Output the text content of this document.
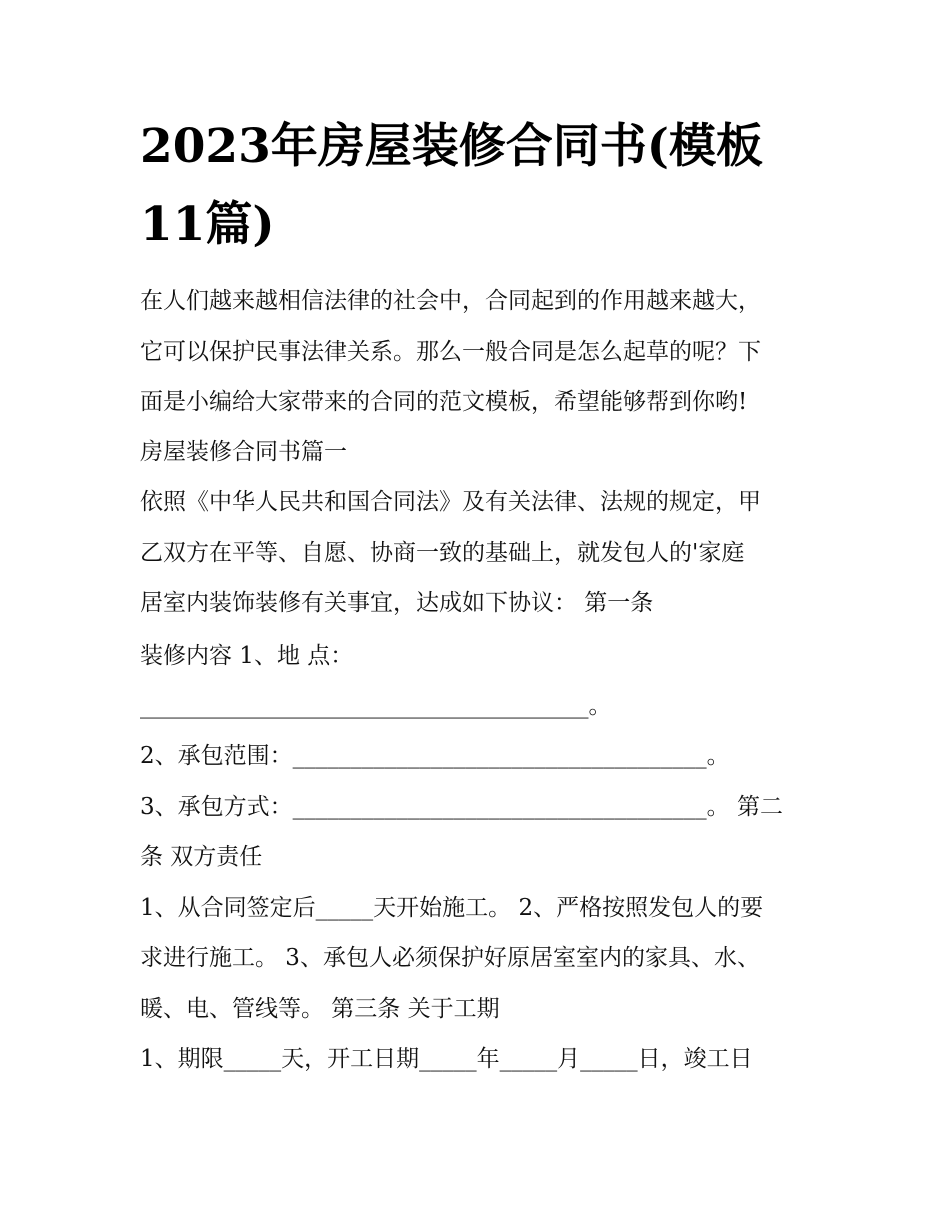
2023年房屋装修合同书(模板
11篇)
在人们越来越相信法律的社会中，合同起到的作用越来越大，
它可以保护民事法律关系。那么一般合同是怎么起草的呢？下
面是小编给大家带来的合同的范文模板，希望能够帮到你哟!
房屋装修合同书篇一
依照《中华人民共和国合同法》及有关法律、法规的规定，甲
乙双方在平等、自愿、协商一致的基础上，就发包人的'家庭
居室内装饰装修有关事宜，达成如下协议： 第一条
装修内容 1、地 点：
_______________________________________。
2、承包范围：____________________________________。
3、承包方式：____________________________________。 第二
条 双方责任
1、从合同签定后_____天开始施工。 2、严格按照发包人的要
求进行施工。 3、承包人必须保护好原居室室内的家具、水、
暖、电、管线等。 第三条 关于工期
1、期限_____天，开工日期_____年_____月_____日，竣工日
